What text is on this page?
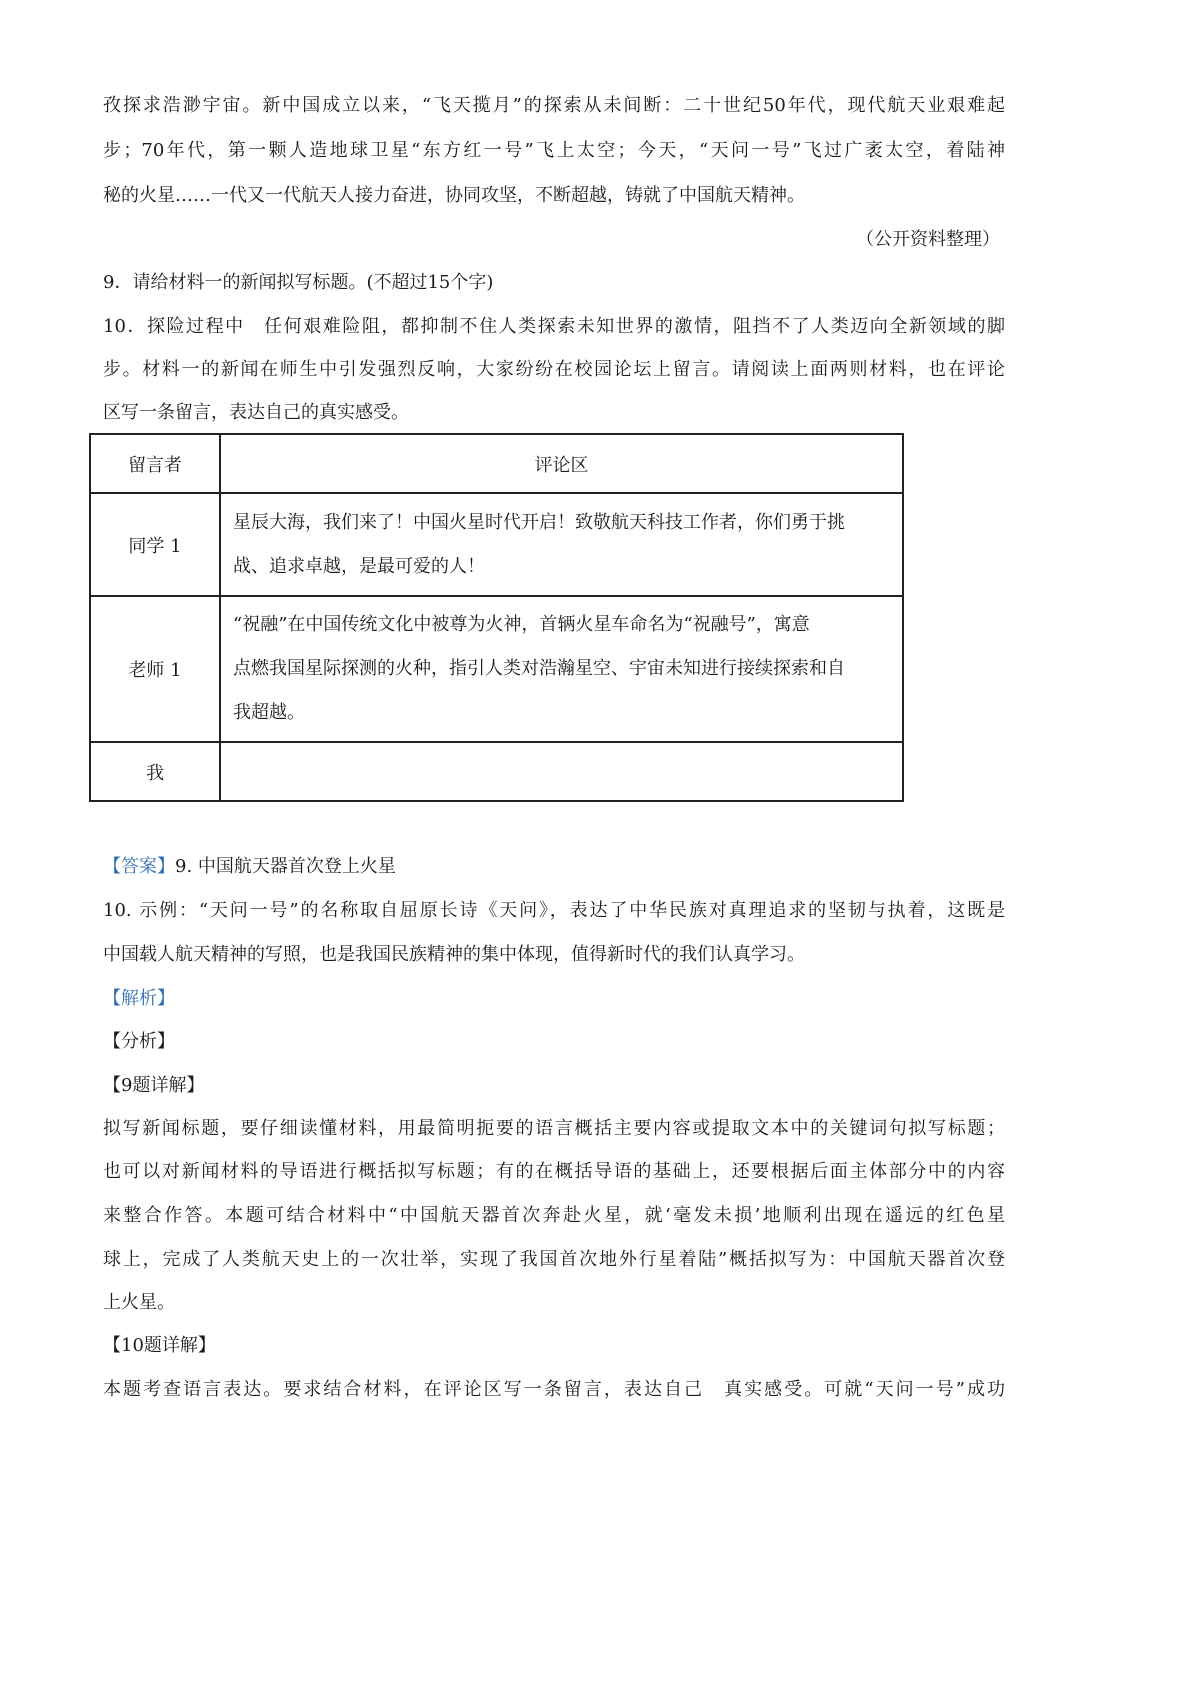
孜探求浩渺宇宙。新中国成立以来，“飞天揽月”的探索从未间断：二十世纪50年代，现代航天业艰难起
步；70年代，第一颗人造地球卫星“东方红一号”飞上太空；今天，“天问一号”飞过广袤太空，着陆神
秘的火星……一代又一代航天人接力奋进，协同攻坚，不断超越，铸就了中国航天精神。
（公开资料整理）
9．请给材料一的新闻拟写标题。(不超过15个字)
10．探险过程中　任何艰难险阻，都抑制不住人类探索未知世界的激情，阻挡不了人类迈向全新领域的脚
步。材料一的新闻在师生中引发强烈反响，大家纷纷在校园论坛上留言。请阅读上面两则材料，也在评论
区写一条留言，表达自己的真实感受。
留言者	评论区
同学 1	星辰大海，我们来了！中国火星时代开启！致敬航天科技工作者，你们勇于挑
战、追求卓越，是最可爱的人！

老师 1	“祝融”在中国传统文化中被尊为火神，首辆火星车命名为“祝融号”，寓意
点燃我国星际探测的火种，指引人类对浩瀚星空、宇宙未知进行接续探索和自
我超越。

我	
【答案】9. 中国航天器首次登上火星
10. 示例：“天问一号”的名称取自屈原长诗《天问》，表达了中华民族对真理追求的坚韧与执着，这既是
中国载人航天精神的写照，也是我国民族精神的集中体现，值得新时代的我们认真学习。
【解析】
【分析】
【9题详解】
拟写新闻标题，要仔细读懂材料，用最简明扼要的语言概括主要内容或提取文本中的关键词句拟写标题；
也可以对新闻材料的导语进行概括拟写标题；有的在概括导语的基础上，还要根据后面主体部分中的内容
来整合作答。本题可结合材料中“中国航天器首次奔赴火星，就‘毫发未损’地顺利出现在遥远的红色星
球上，完成了人类航天史上的一次壮举，实现了我国首次地外行星着陆”概括拟写为：中国航天器首次登
上火星。
【10题详解】
本题考查语言表达。要求结合材料，在评论区写一条留言，表达自己　真实感受。可就“天问一号”成功
